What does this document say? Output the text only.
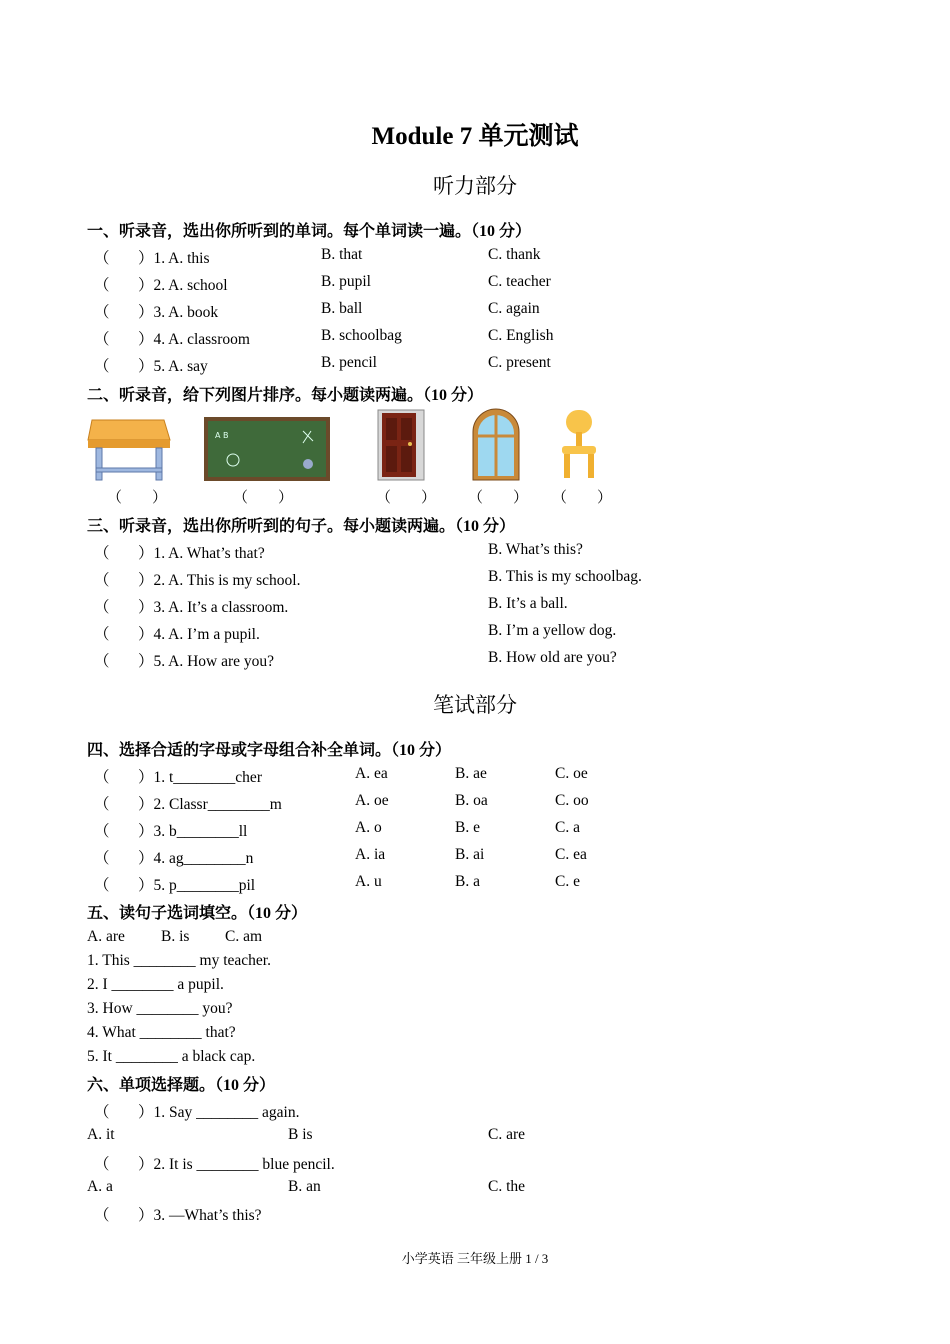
Module 7 单元测试
听力部分
一、听录音，选出你所听到的单词。每个单词读一遍。（10 分）
（ ）1. A. this	B. that	C. thank
（ ）2. A. school	B. pupil	C. teacher
（ ）3. A. book	B. ball	C. again
（ ）4. A. classroom	B. schoolbag	C. English
（ ）5. A. say	B. pencil	C. present
二、听录音，给下列图片排序。每小题读两遍。（10 分）
A B
（　　）	（　　）	（　　） （　　） （　　）
三、听录音，选出你所听到的句子。每小题读两遍。（10 分）
（ ）1. A. What’s that?	B. What’s this?
（ ）2. A. This is my school.	B. This is my schoolbag.
（ ）3. A. It’s a classroom.	B. It’s a ball.
（ ）4. A. I’m a pupil.	B. I’m a yellow dog.
（ ）5. A. How are you?	B. How old are you?
笔试部分
四、选择合适的字母或字母组合补全单词。（10 分）
（ ）1. t________cher	A. ea	B. ae	C. oe
（ ）2. Classr________m	A. oe	B. oa	C. oo
（ ）3. b________ll	A. o	B. e	C. a
（ ）4. ag________n	A. ia	B. ai	C. ea
（ ）5. p________pil	A. u	B. a	C. e
五、读句子选词填空。（10 分）
A. are B. is C. am
1. This ________ my teacher.
2. I ________ a pupil.
3. How ________ you?
4. What ________ that?
5. It ________ a black cap.
六、单项选择题。（10 分）
（ ）1. Say ________ again.
A. it	B is	C. are
（ ）2. It is ________ blue pencil.
A. a	B. an	C. the
（ ）3. —What’s this?
小学英语 三年级上册 1 / 3
